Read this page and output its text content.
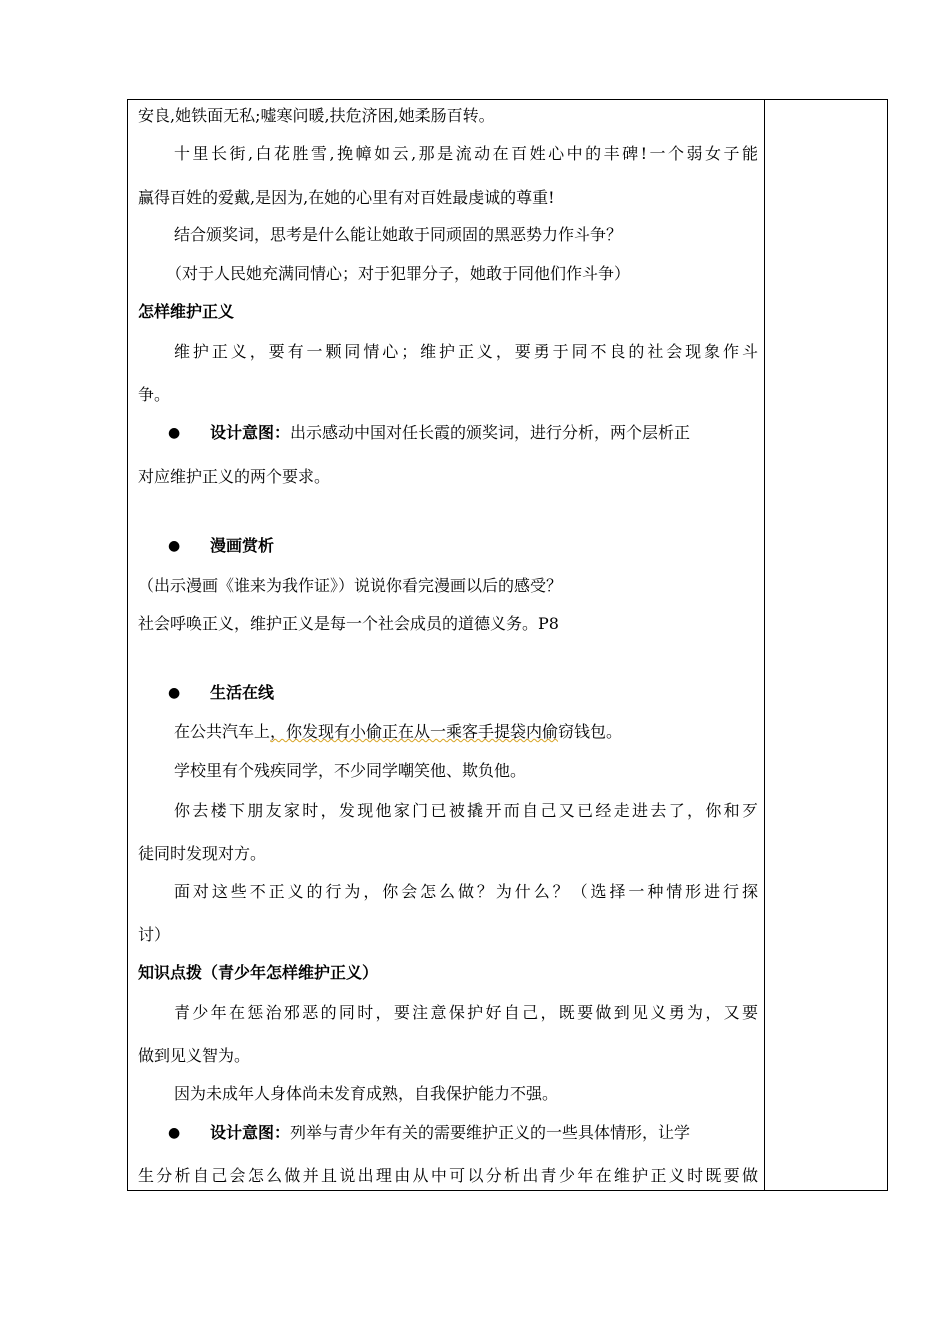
安良,她铁面无私;嘘寒问暖,扶危济困,她柔肠百转。
十里长街,白花胜雪,挽幛如云,那是流动在百姓心中的丰碑!一个弱女子能
赢得百姓的爱戴,是因为,在她的心里有对百姓最虔诚的尊重!
结合颁奖词，思考是什么能让她敢于同顽固的黑恶势力作斗争？
（对于人民她充满同情心；对于犯罪分子，她敢于同他们作斗争）
怎样维护正义
维护正义，要有一颗同情心；维护正义，要勇于同不良的社会现象作斗
争。
● 设计意图：出示感动中国对任长霞的颁奖词，进行分析，两个层析正
对应维护正义的两个要求。
● 漫画赏析
（出示漫画《谁来为我作证》）说说你看完漫画以后的感受？
社会呼唤正义，维护正义是每一个社会成员的道德义务。P8
● 生活在线
在公共汽车上，你发现有小偷正在从一乘客手提袋内偷窃钱包。
学校里有个残疾同学，不少同学嘲笑他、欺负他。
你去楼下朋友家时，发现他家门已被撬开而自己又已经走进去了，你和歹
徒同时发现对方。
面对这些不正义的行为，你会怎么做？为什么？（选择一种情形进行探
讨）
知识点拨（青少年怎样维护正义）
青少年在惩治邪恶的同时，要注意保护好自己，既要做到见义勇为，又要
做到见义智为。
因为未成年人身体尚未发育成熟，自我保护能力不强。
● 设计意图：列举与青少年有关的需要维护正义的一些具体情形，让学
生分析自己会怎么做并且说出理由从中可以分析出青少年在维护正义时既要做
